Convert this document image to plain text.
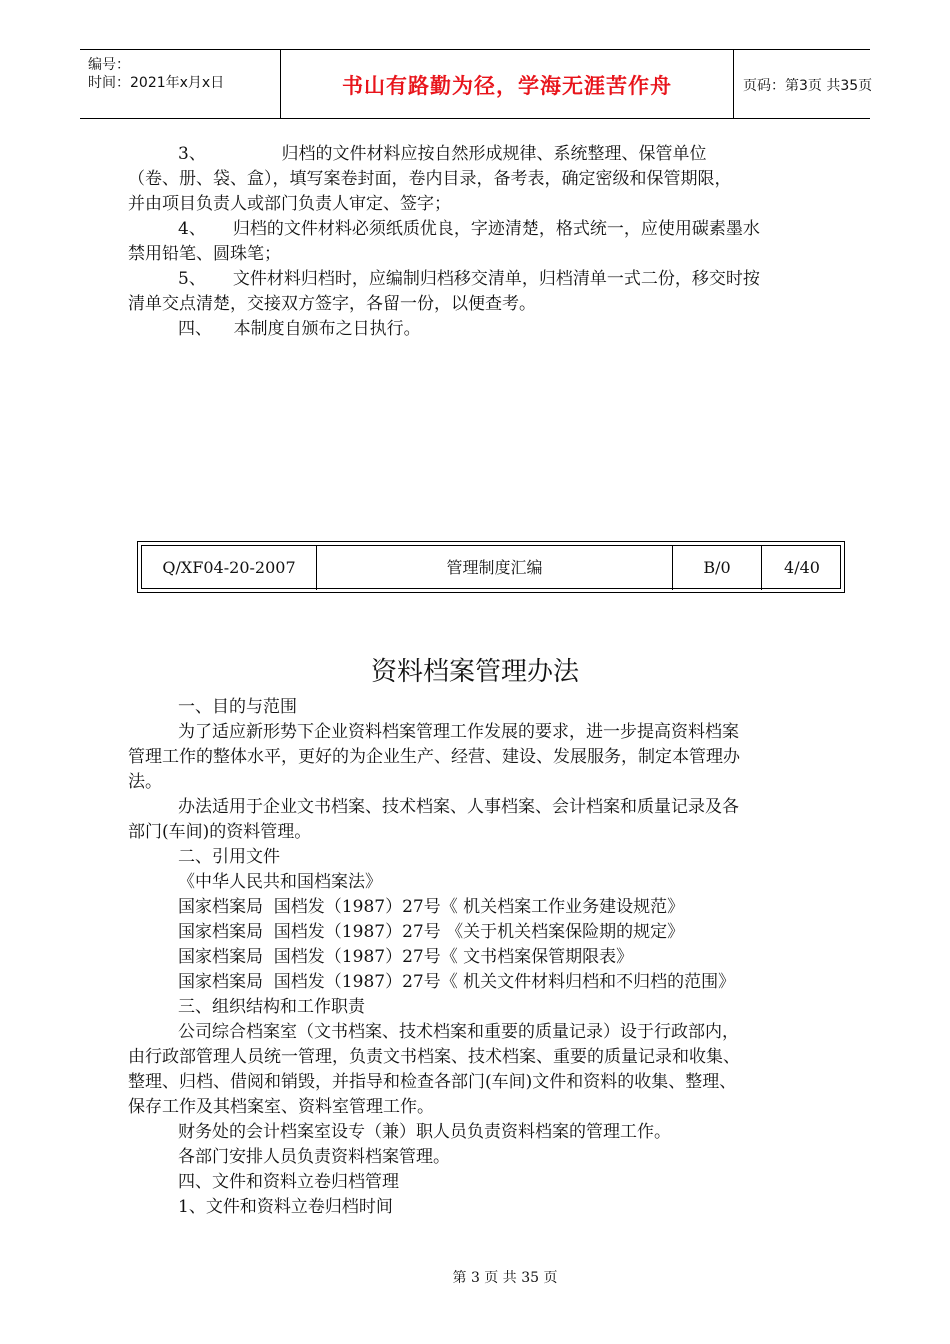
编号：
时间：2021年x月x日	书山有路勤为径，学海无涯苦作舟	页码：第3页 共35页
3、              归档的文件材料应按自然形成规律、系统整理、保管单位
（卷、册、袋、盒），填写案卷封面，卷内目录，备考表，确定密级和保管期限，
并由项目负责人或部门负责人审定、签字；
4、     归档的文件材料必须纸质优良，字迹清楚，格式统一，应使用碳素墨水
禁用铅笔、圆珠笔；
5、     文件材料归档时，应编制归档移交清单，归档清单一式二份，移交时按
清单交点清楚，交接双方签字，各留一份，以便查考。
四、    本制度自颁布之日执行。
Q/XF04-20-2007	管理制度汇编	B/0	4/40
资料档案管理办法
一、目的与范围
为了适应新形势下企业资料档案管理工作发展的要求，进一步提高资料档案
管理工作的整体水平，更好的为企业生产、经营、建设、发展服务，制定本管理办
法。
办法适用于企业文书档案、技术档案、人事档案、会计档案和质量记录及各
部门(车间)的资料管理。
二、引用文件
《中华人民共和国档案法》
国家档案局  国档发（1987）27号《 机关档案工作业务建设规范》
国家档案局  国档发（1987）27号 《关于机关档案保险期的规定》
国家档案局  国档发（1987）27号《 文书档案保管期限表》
国家档案局  国档发（1987）27号《 机关文件材料归档和不归档的范围》
三、组织结构和工作职责
公司综合档案室（文书档案、技术档案和重要的质量记录）设于行政部内，
由行政部管理人员统一管理，负责文书档案、技术档案、重要的质量记录和收集、
整理、归档、借阅和销毁，并指导和检查各部门(车间)文件和资料的收集、整理、
保存工作及其档案室、资料室管理工作。
财务处的会计档案室设专（兼）职人员负责资料档案的管理工作。
各部门安排人员负责资料档案管理。
四、文件和资料立卷归档管理
1、文件和资料立卷归档时间
第 3 页 共 35 页
